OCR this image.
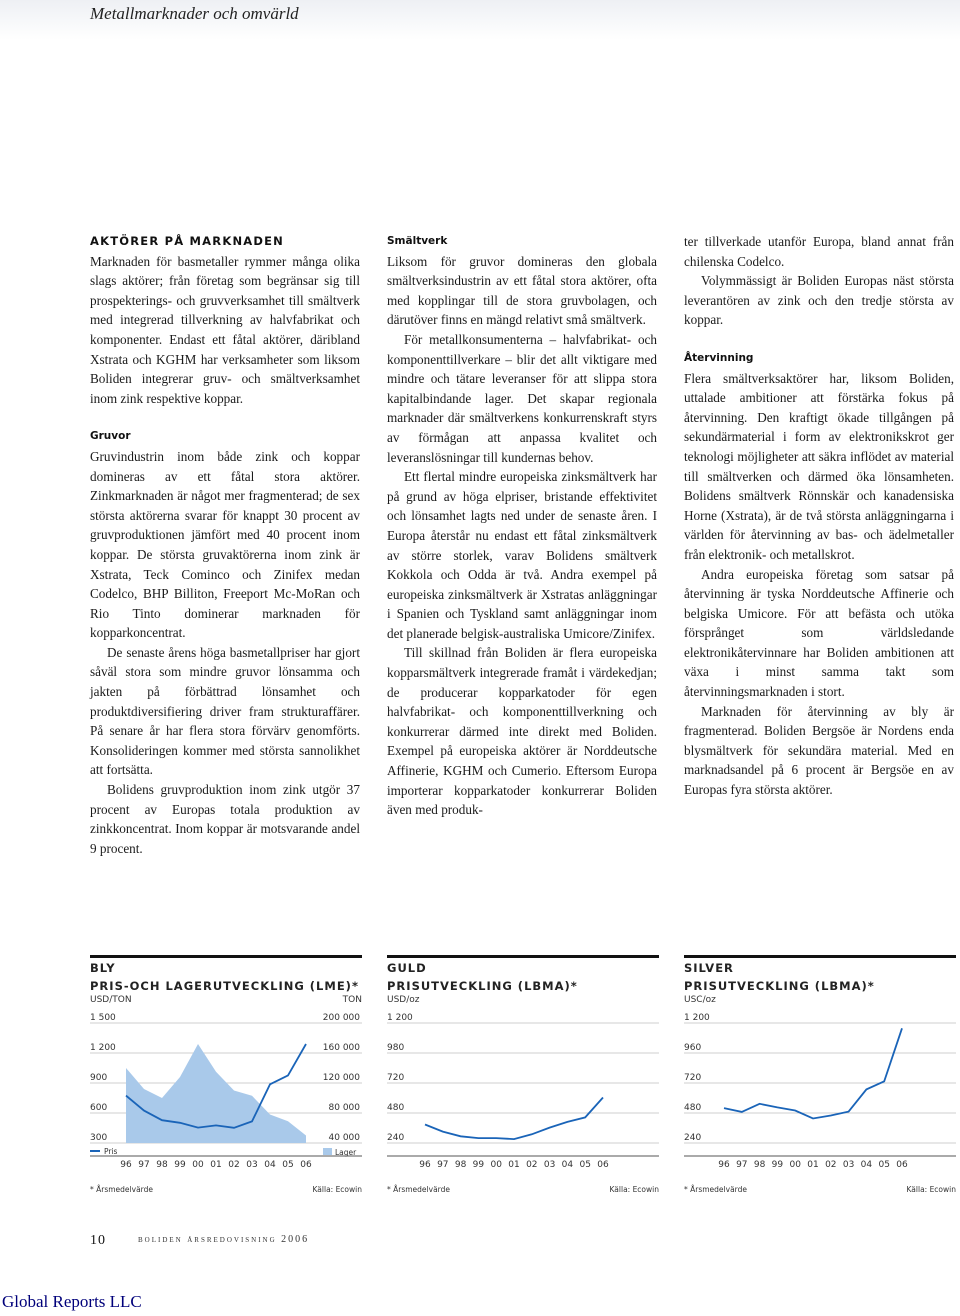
Metallmarknader och omvärld
AKTÖRER PÅ MARKNADEN

Marknaden för basmetaller rymmer många olika slags aktörer; från företag som begränsar sig till prospekterings- och gruvverksamhet till smältverk med integrerad tillverkning av halvfabrikat och komponenter. Endast ett fåtal aktörer, däribland Xstrata och KGHM har verksamheter som liksom Boliden integrerar gruv- och smältverksamhet inom zink respektive koppar.

Gruvor

Gruvindustrin inom både zink och koppar domineras av ett fåtal stora aktörer. Zinkmarknaden är något mer fragmenterad; de sex största aktörerna svarar för knappt 30 procent av gruvproduktionen jämfört med 40 procent inom koppar. De största gruvaktörerna inom zink är Xstrata, Teck Cominco och Zinifex medan Codelco, BHP Billiton, Freeport Mc-MoRan och Rio Tinto dominerar marknaden för kopparkoncentrat.

De senaste årens höga basmetallpriser har gjort såväl stora som mindre gruvor lönsamma och jakten på förbättrad lönsamhet och produktdiversifiering driver fram strukturaffärer. På senare år har flera stora förvärv genomförts. Konsolideringen kommer med största sannolikhet att fortsätta.

Bolidens gruvproduktion inom zink utgör 37 procent av Europas totala produktion av zinkkoncentrat. Inom koppar är motsvarande andel 9 procent.

Smältverk

Liksom för gruvor domineras den globala smältverksindustrin av ett fåtal stora aktörer, ofta med kopplingar till de stora gruvbolagen, och därutöver finns en mängd relativt små smältverk.

För metallkonsumenterna – halvfabrikat- och komponenttillverkare – blir det allt viktigare med mindre och tätare leveranser för att slippa stora kapitalbindande lager. Det skapar regionala marknader där smältverkens konkurrenskraft styrs av förmågan att anpassa kvalitet och leveranslösningar till kundernas behov.

Ett flertal mindre europeiska zinksmältverk har på grund av höga elpriser, bristande effektivitet och lönsamhet lagts ned under de senaste åren. I Europa återstår nu endast ett fåtal zinksmältverk av större storlek, varav Bolidens smältverk Kokkola och Odda är två. Andra exempel på europeiska zinksmältverk är Xstratas anläggningar i Spanien och Tyskland samt anläggningar inom det planerade belgisk-australiska Umicore/Zinifex.

Till skillnad från Boliden är flera europeiska kopparsmältverk integrerade framåt i värdekedjan; de producerar kopparkatoder för egen halvfabrikat- och komponenttillverkning och konkurrerar därmed inte direkt med Boliden. Exempel på europeiska aktörer är Norddeutsche Affinerie, KGHM och Cumerio. Eftersom Europa importerar kopparkatoder konkurrerar Boliden även med produk-

ter tillverkade utanför Europa, bland annat från chilenska Codelco.

Volymmässigt är Boliden Europas näst största leverantören av zink och den tredje största av koppar.

Återvinning

Flera smältverksaktörer har, liksom Boliden, uttalade ambitioner att förstärka fokus på återvinning. Den kraftigt ökade tillgången på sekundärmaterial i form av elektronikskrot ger teknologi möjligheter att säkra inflödet av material till smältverken och därmed öka lönsamheten. Bolidens smältverk Rönnskär och kanadensiska Horne (Xstrata), är de två största anläggningarna i världen för återvinning av bas- och ädelmetaller från elektronik- och metallskrot.

Andra europeiska företag som satsar på återvinning är tyska Norddeutsche Affinerie och belgiska Umicore. För att befästa och utöka försprånget som världsledande elektronikåtervinnare har Boliden ambitionen att växa i minst samma takt som återvinningsmarknaden i stort.

Marknaden för återvinning av bly är fragmenterad. Boliden Bergsöe är Nordens enda blysmältverk för sekundära material. Med en marknadsandel på 6 procent är Bergsöe en av Europas fyra största aktörer.

BLY
PRIS-OCH LAGERUTVECKLING (LME)*
USD/TON	TON
1 500	200 000
1 200	160 000
900	120 000
600	80 000
300	40 000
96 97 98 99 00 01 02 03 04 05 06
Pris	Lager
* Årsmedelvärde	Källa: Ecowin
GULD
PRISUTVECKLING (LBMA)*
USD/oz
1 200
980
720
480
240
96 97 98 99 00 01 02 03 04 05 06
* Årsmedelvärde	Källa: Ecowin
SILVER
PRISUTVECKLING (LBMA)*
USC/oz
1 200
960
720
480
240
96 97 98 99 00 01 02 03 04 05 06
* Årsmedelvärde	Källa: Ecowin
10	boliden årsredovisning 2006
Global Reports LLC
